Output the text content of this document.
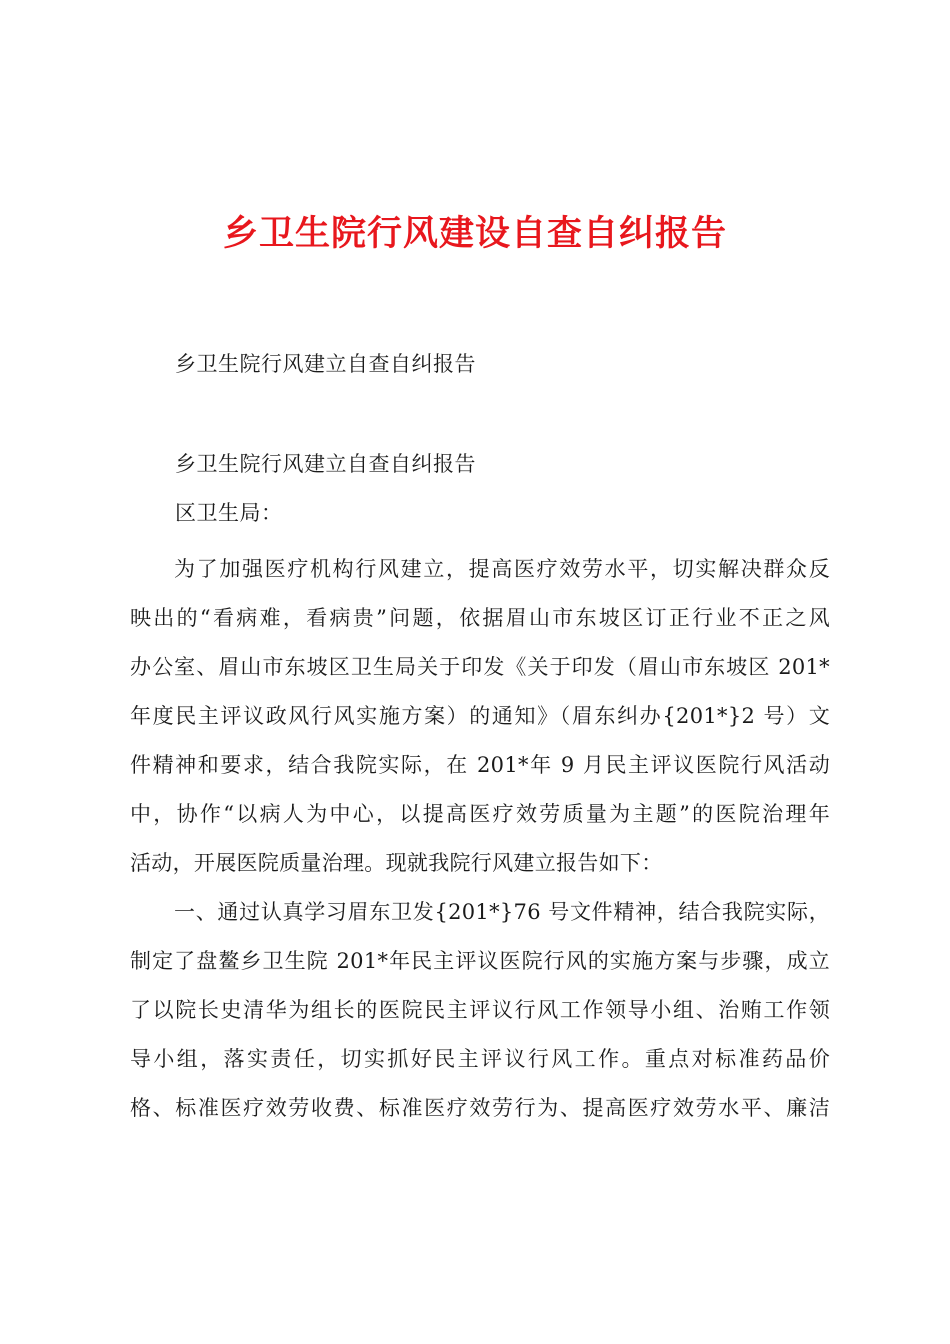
乡卫生院行风建设自查自纠报告
乡卫生院行风建立自查自纠报告
乡卫生院行风建立自查自纠报告
区卫生局：
为了加强医疗机构行风建立，提高医疗效劳水平，切实解决群众反
映出的“看病难，看病贵”问题，依据眉山市东坡区订正行业不正之风
办公室、眉山市东坡区卫生局关于印发《关于印发（眉山市东坡区 201*
年度民主评议政风行风实施方案）的通知》（眉东纠办{201*}2 号）文
件精神和要求，结合我院实际，在 201*年 9 月民主评议医院行风活动
中，协作“以病人为中心，以提高医疗效劳质量为主题”的医院治理年
活动，开展医院质量治理。现就我院行风建立报告如下：
一、通过认真学习眉东卫发{201*}76 号文件精神，结合我院实际，
制定了盘鳌乡卫生院 201*年民主评议医院行风的实施方案与步骤，成立
了以院长史清华为组长的医院民主评议行风工作领导小组、治贿工作领
导小组，落实责任，切实抓好民主评议行风工作。重点对标准药品价
格、标准医疗效劳收费、标准医疗效劳行为、提高医疗效劳水平、廉洁
